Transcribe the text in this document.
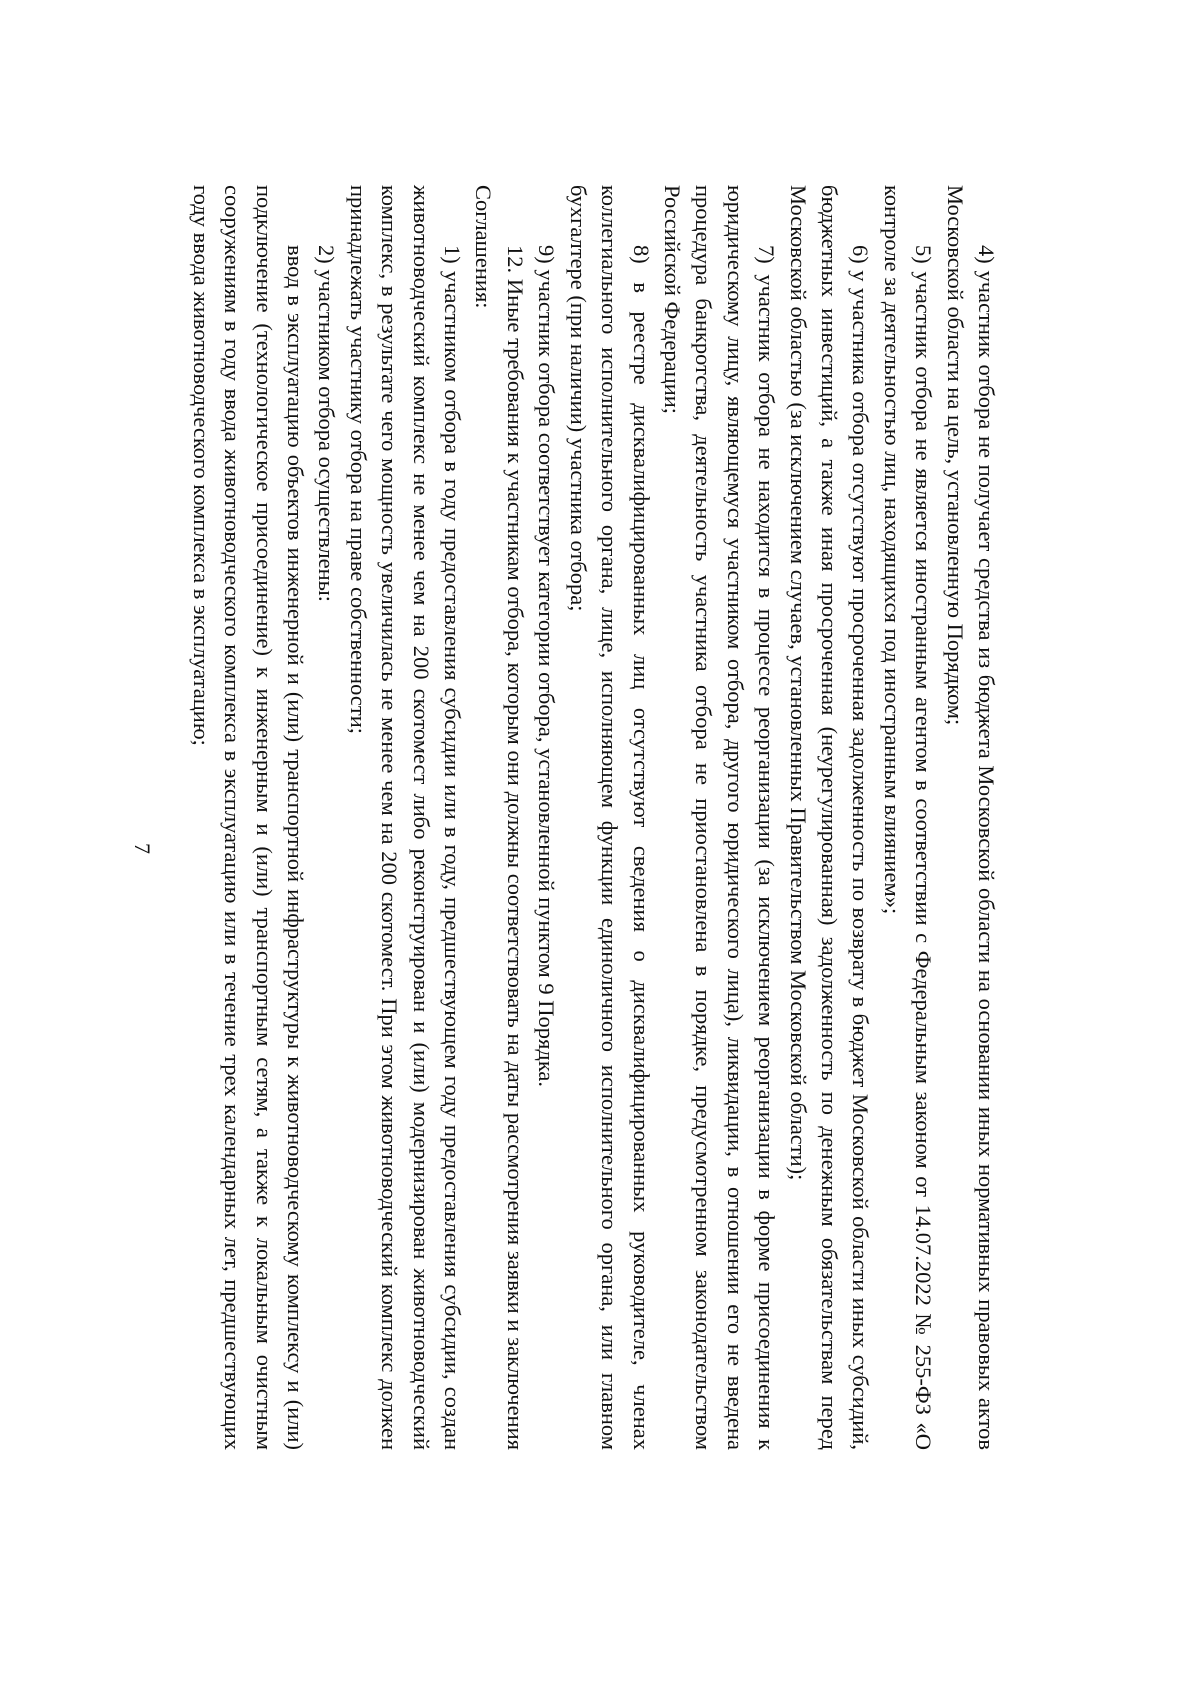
7	4) участник отбора не получает средства из бюджета Московской области на основании иных нормативных правовых актов Московской области на цель, установленную Порядком;

5) участник отбора не является иностранным агентом в соответствии с Федеральным законом от 14.07.2022 № 255-ФЗ «О контроле за деятельностью лиц, находящихся под иностранным влиянием»;

6) у участника отбора отсутствуют просроченная задолженность по возврату в бюджет Московской области иных субсидий, бюджетных инвестиций, а также иная просроченная (неурегулированная) задолженность по денежным обязательствам перед Московской областью (за исключением случаев, установленных Правительством Московской области);

7) участник отбора не находится в процессе реорганизации (за исключением реорганизации в форме присоединения к юридическому лицу, являющемуся участником отбора, другого юридического лица), ликвидации, в отношении его не введена процедура банкротства, деятельность участника отбора не приостановлена в порядке, предусмотренном законодательством Российской Федерации;

8) в реестре дисквалифицированных лиц отсутствуют сведения о дисквалифицированных руководителе, членах коллегиального исполнительного органа, лице, исполняющем функции единоличного исполнительного органа, или главном бухгалтере (при наличии) участника отбора;

9) участник отбора соответствует категории отбора, установленной пунктом 9 Порядка.

12. Иные требования к участникам отбора, которым они должны соответствовать на даты рассмотрения заявки и заключения Соглашения:

1) участником отбора в году предоставления субсидии или в году, предшествующем году предоставления субсидии, создан животноводческий комплекс не менее чем на 200 скотомест либо реконструирован и (или) модернизирован животноводческий комплекс, в результате чего мощность увеличилась не менее чем на 200 скотомест. При этом животноводческий комплекс должен принадлежать участнику отбора на праве собственности;

2) участником отбора осуществлены:

ввод в эксплуатацию объектов инженерной и (или) транспортной инфраструктуры к животноводческому комплексу и (или) подключение (технологическое присоединение) к инженерным и (или) транспортным сетям, а также к локальным очистным сооружениям в году ввода животноводческого комплекса в эксплуатацию или в течение трех календарных лет, предшествующих году ввода животноводческого комплекса в эксплуатацию;
